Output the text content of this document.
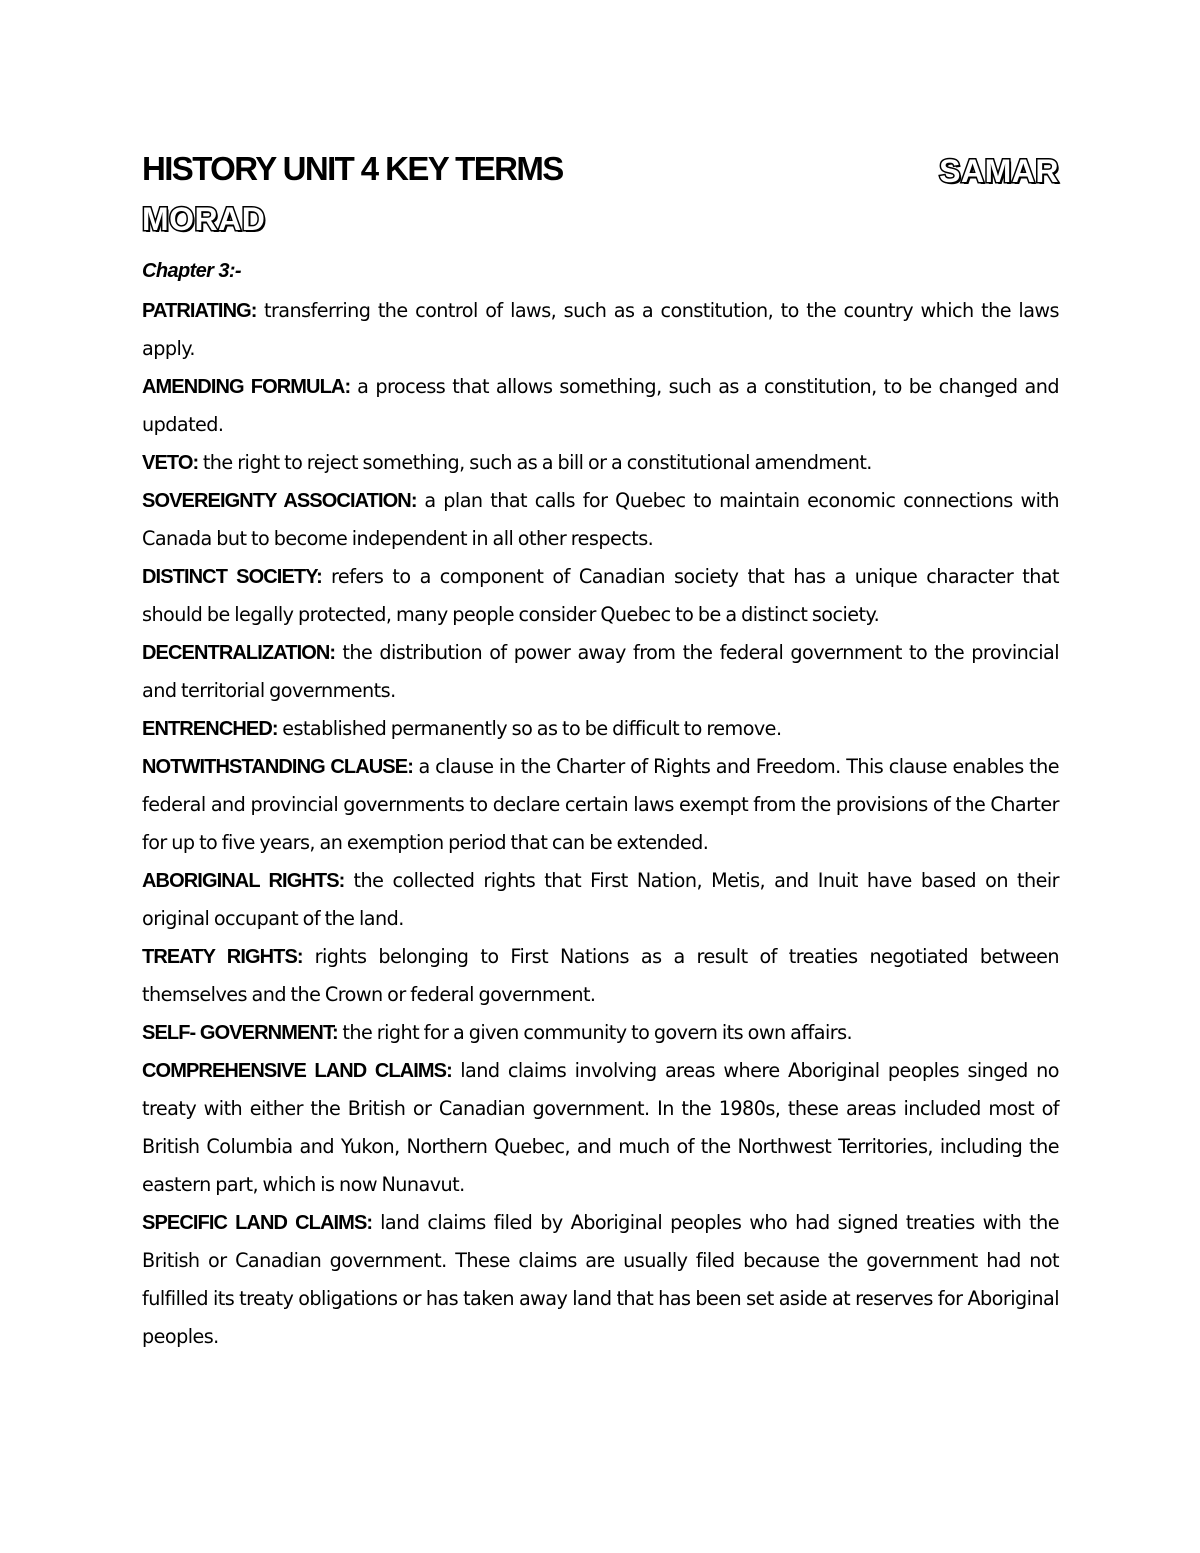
HISTORY UNIT 4 KEY TERMS	SAMAR
MORAD
Chapter 3:-

PATRIATING: transferring the control of laws, such as a constitution, to the country which the laws apply.

AMENDING FORMULA: a process that allows something, such as a constitution, to be changed and updated.

VETO: the right to reject something, such as a bill or a constitutional amendment.

SOVEREIGNTY ASSOCIATION: a plan that calls for Quebec to maintain economic connections with Canada but to become independent in all other respects.

DISTINCT SOCIETY: refers to a component of Canadian society that has a unique character that should be legally protected, many people consider Quebec to be a distinct society.

DECENTRALIZATION: the distribution of power away from the federal government to the provincial and territorial governments.

ENTRENCHED: established permanently so as to be difficult to remove.

NOTWITHSTANDING CLAUSE: a clause in the Charter of Rights and Freedom. This clause enables the federal and provincial governments to declare certain laws exempt from the provisions of the Charter for up to five years, an exemption period that can be extended.

ABORIGINAL RIGHTS: the collected rights that First Nation, Metis, and Inuit have based on their original occupant of the land.

TREATY RIGHTS: rights belonging to First Nations as a result of treaties negotiated between themselves and the Crown or federal government.

SELF- GOVERNMENT: the right for a given community to govern its own affairs.

COMPREHENSIVE LAND CLAIMS: land claims involving areas where Aboriginal peoples singed no treaty with either the British or Canadian government. In the 1980s, these areas included most of British Columbia and Yukon, Northern Quebec, and much of the Northwest Territories, including the eastern part, which is now Nunavut.

SPECIFIC LAND CLAIMS: land claims filed by Aboriginal peoples who had signed treaties with the British or Canadian government. These claims are usually filed because the government had not fulfilled its treaty obligations or has taken away land that has been set aside at reserves for Aboriginal peoples.
